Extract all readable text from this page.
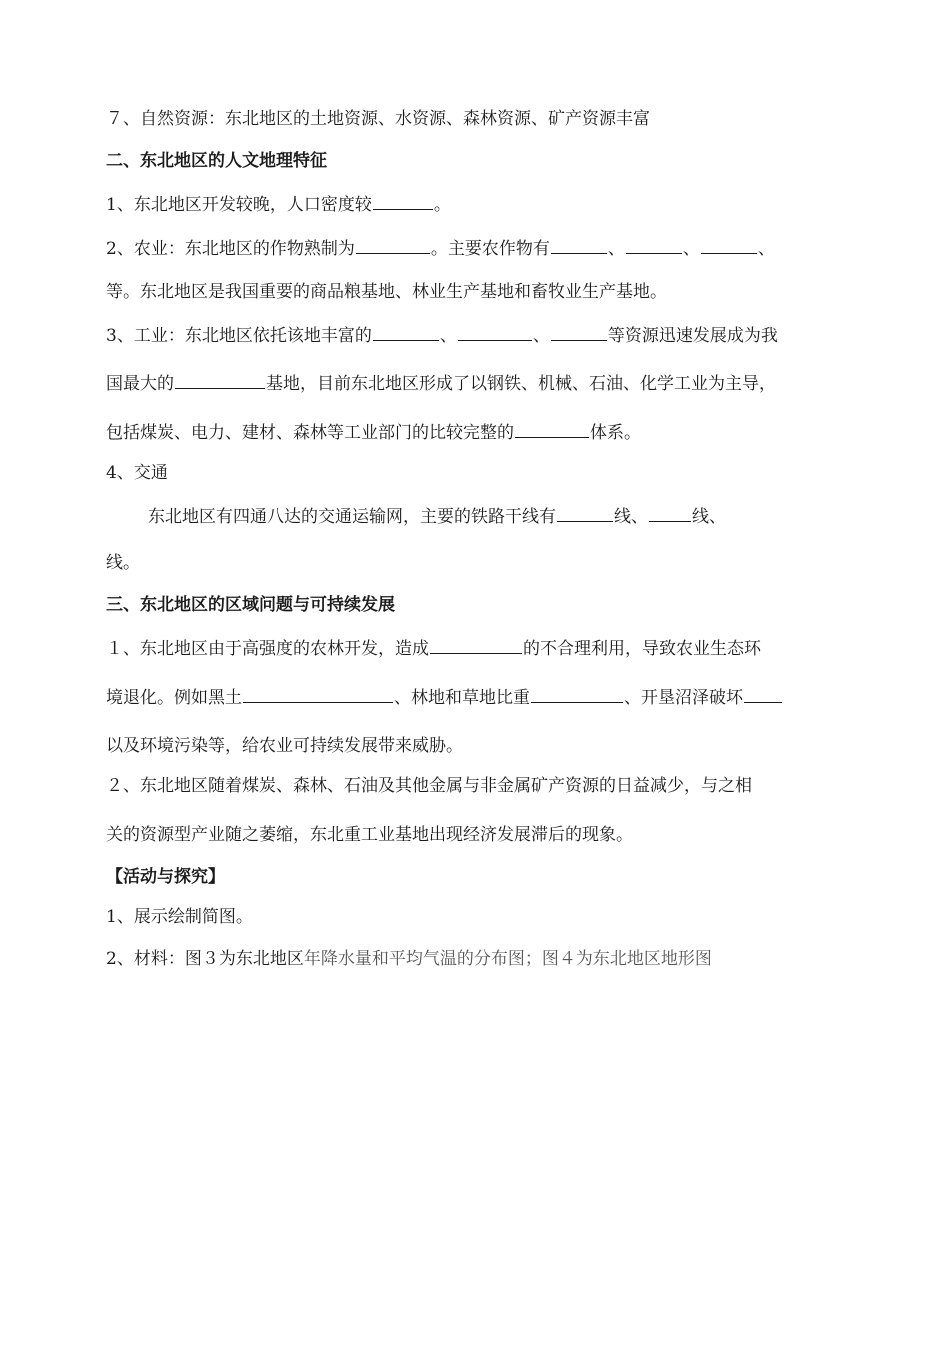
７、自然资源：东北地区的土地资源、水资源、森林资源、矿产资源丰富
二、东北地区的人文地理特征
1、东北地区开发较晚，人口密度较	。
2、农业：东北地区的作物熟制为	。主要农作物有	、	、	、
等。东北地区是我国重要的商品粮基地、林业生产基地和畜牧业生产基地。
3、工业：东北地区依托该地丰富的	、	、	等资源迅速发展成为我
国最大的	基地，目前东北地区形成了以钢铁、机械、石油、化学工业为主导，
包括煤炭、电力、建材、森林等工业部门的比较完整的	体系。
4、交通
东北地区有四通八达的交通运输网，主要的铁路干线有	线、	线、
线。
三、东北地区的区域问题与可持续发展
１、东北地区由于高强度的农林开发，造成	的不合理利用，导致农业生态环
境退化。例如黑土	、林地和草地比重	、开垦沼泽破坏
以及环境污染等，给农业可持续发展带来威胁。
２、东北地区随着煤炭、森林、石油及其他金属与非金属矿产资源的日益减少，与之相
关的资源型产业随之萎缩，东北重工业基地出现经济发展滞后的现象。
【活动与探究】
1、展示绘制简图。
2、材料：图３为东北地区年降水量和平均气温的分布图；图４为东北地区地形图
